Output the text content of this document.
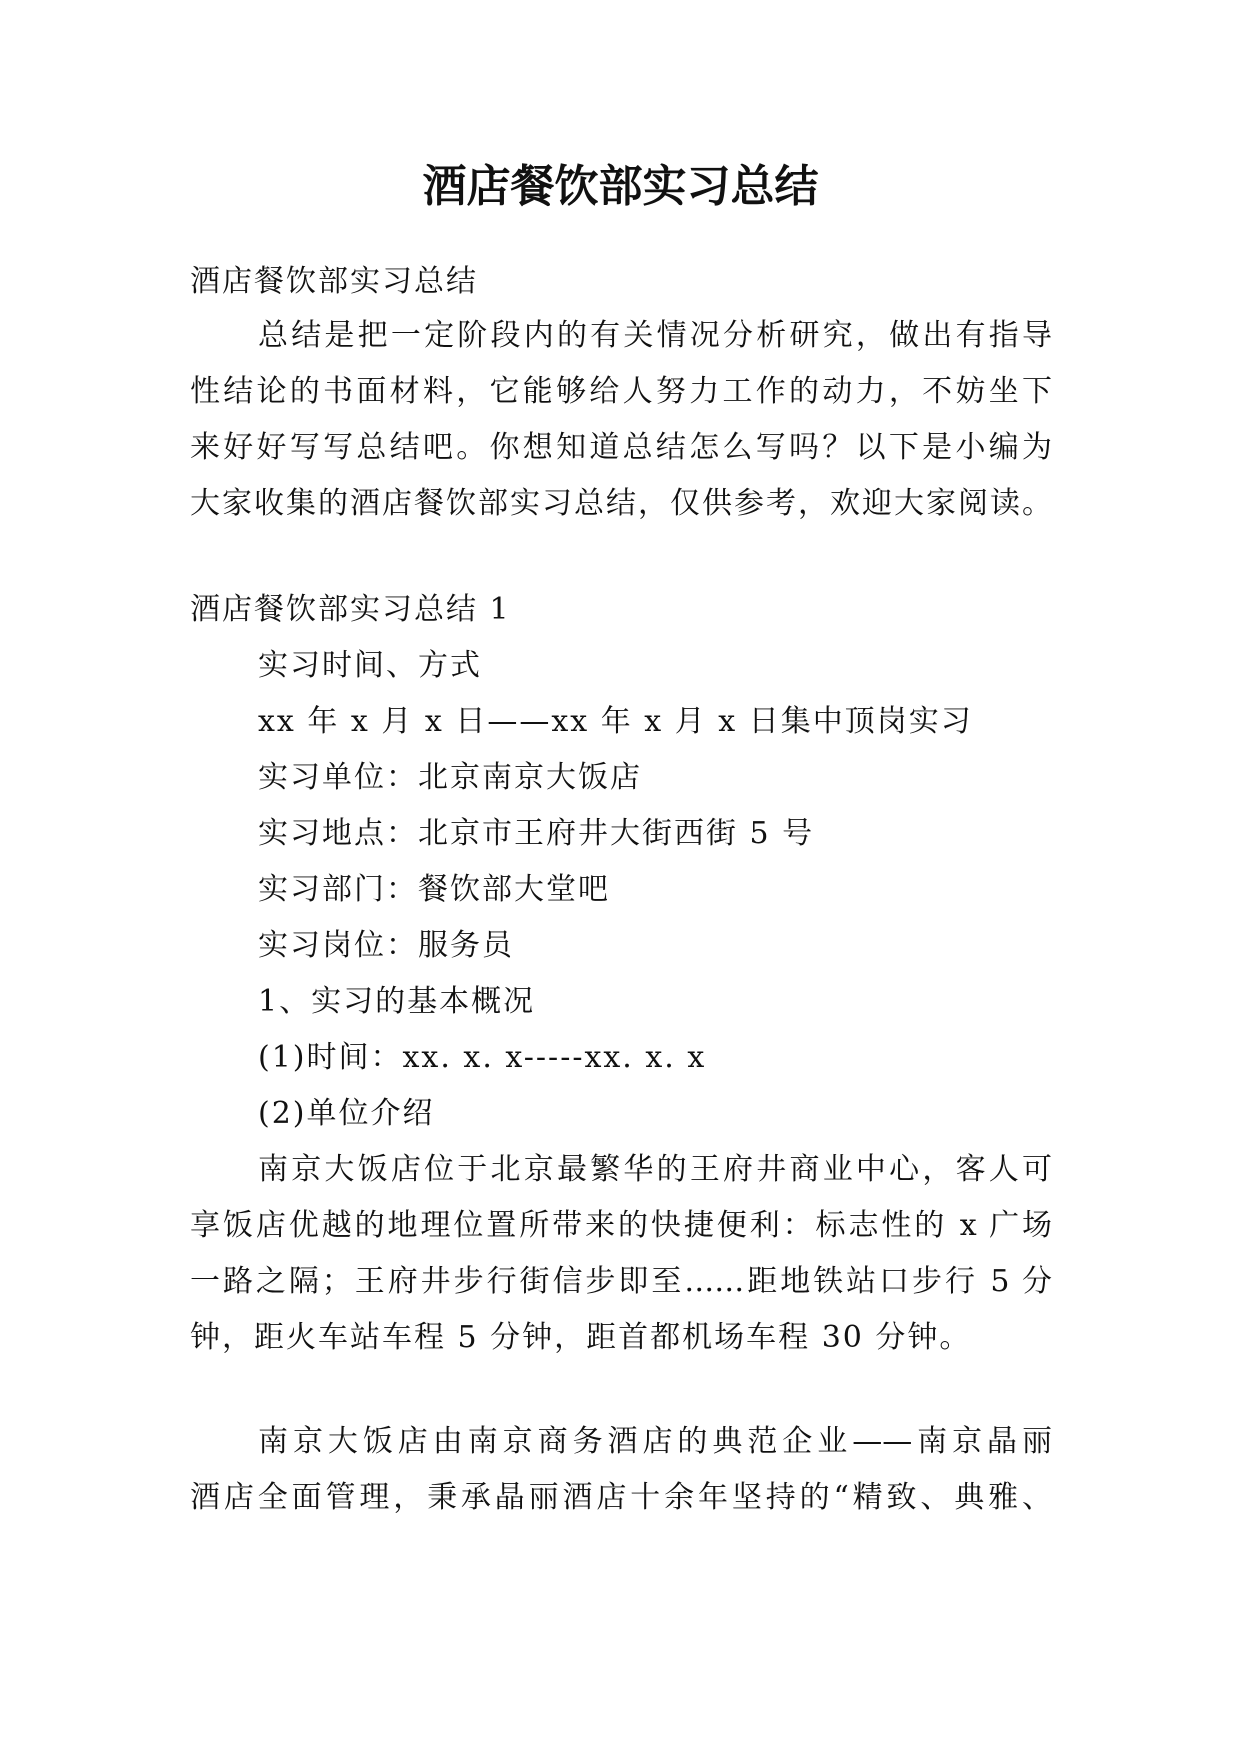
酒店餐饮部实习总结
酒店餐饮部实习总结
总结是把一定阶段内的有关情况分析研究，做出有指导
性结论的书面材料，它能够给人努力工作的动力，不妨坐下
来好好写写总结吧。你想知道总结怎么写吗？以下是小编为
大家收集的酒店餐饮部实习总结，仅供参考，欢迎大家阅读。
酒店餐饮部实习总结 1
实习时间、方式
xx 年 x 月 x 日——xx 年 x 月 x 日集中顶岗实习
实习单位：北京南京大饭店
实习地点：北京市王府井大街西街 5 号
实习部门：餐饮部大堂吧
实习岗位：服务员
1、实习的基本概况
(1)时间：xx. x. x-----xx. x. x
(2)单位介绍
南京大饭店位于北京最繁华的王府井商业中心，客人可
享饭店优越的地理位置所带来的快捷便利：标志性的 x 广场
一路之隔；王府井步行街信步即至……距地铁站口步行 5 分
钟，距火车站车程 5 分钟，距首都机场车程 30 分钟。
南京大饭店由南京商务酒店的典范企业——南京晶丽
酒店全面管理，秉承晶丽酒店十余年坚持的“精致、典雅、
